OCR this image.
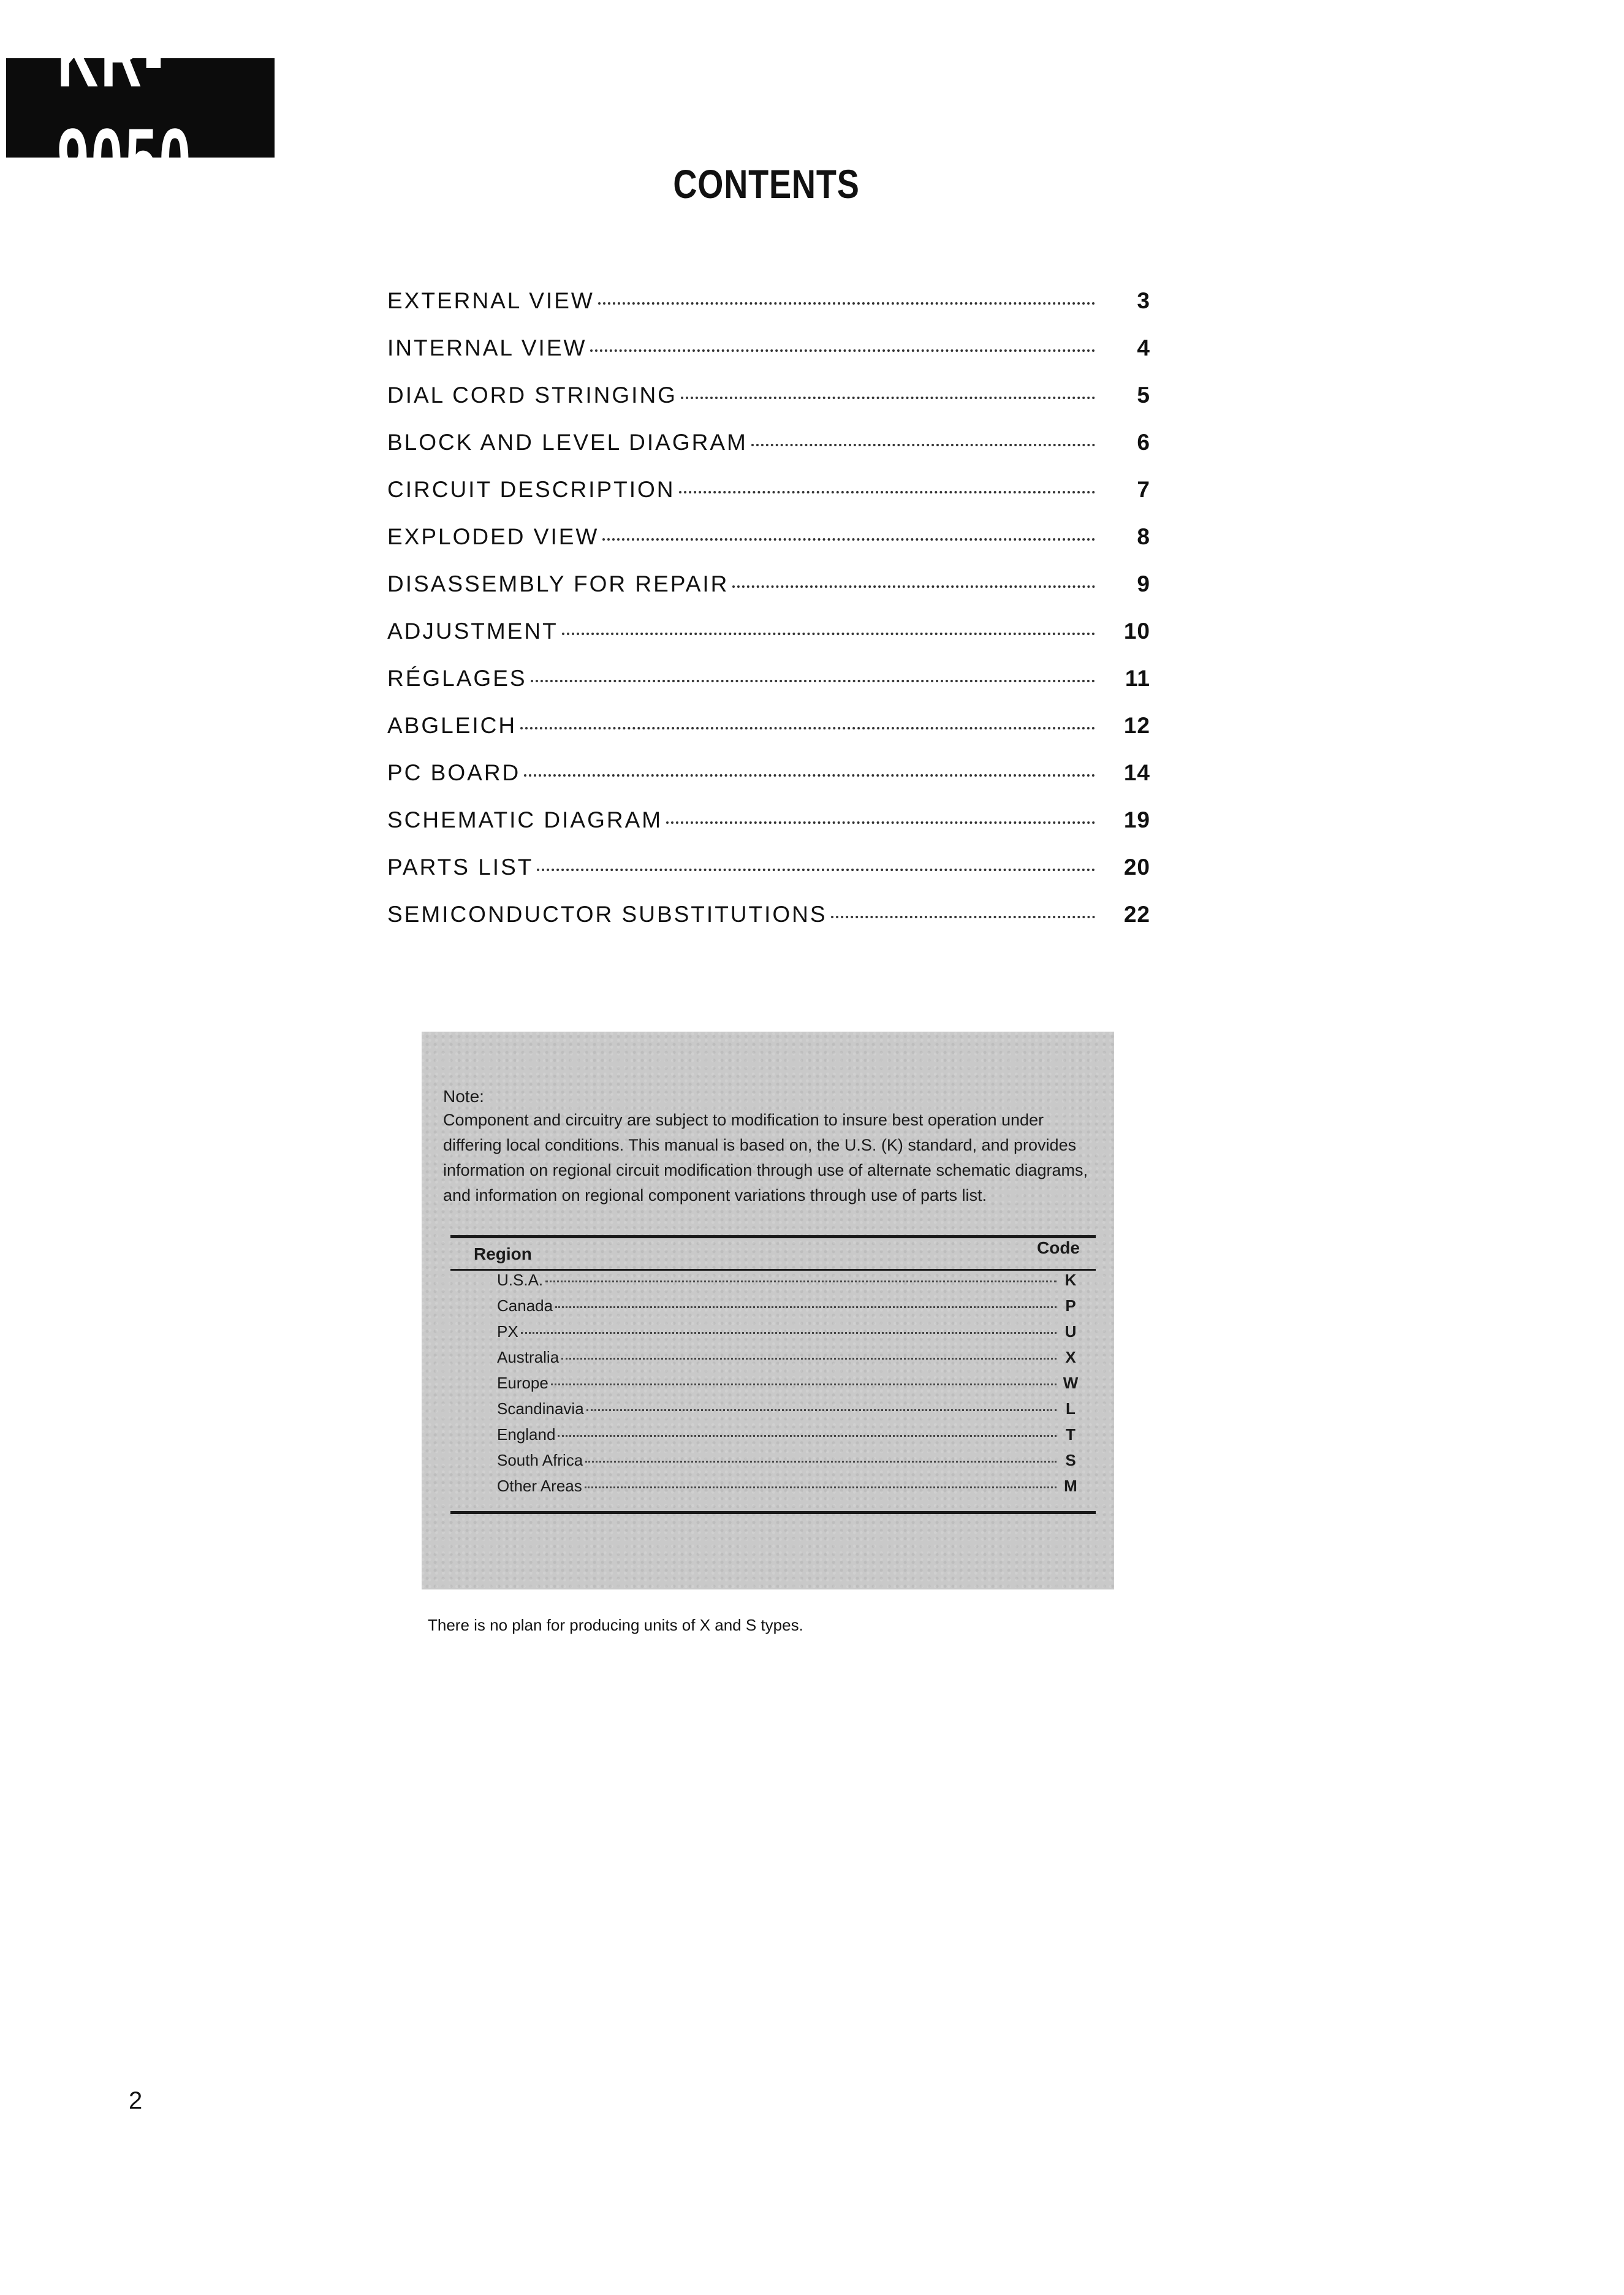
KR-9050	CONTENTS
EXTERNAL VIEW	3
INTERNAL VIEW	4
DIAL CORD STRINGING	5
BLOCK AND LEVEL DIAGRAM	6
CIRCUIT DESCRIPTION	7
EXPLODED VIEW	8
DISASSEMBLY FOR REPAIR	9
ADJUSTMENT	10
RÉGLAGES	11
ABGLEICH	12
PC BOARD	14
SCHEMATIC DIAGRAM	19
PARTS LIST	20
SEMICONDUCTOR SUBSTITUTIONS	22
Note:
Component and circuitry are subject to modification to insure best operation under differing local conditions. This manual is based on, the U.S. (K) standard, and provides information on regional circuit modification through use of alternate schematic diagrams, and information on regional component variations through use of parts list.
Region	Code
U.S.A.	K
Canada	P
PX	U
Australia	X
Europe	W
Scandinavia	L
England	T
South Africa	S
Other Areas	M
There is no plan for producing units of X and S types.
2
